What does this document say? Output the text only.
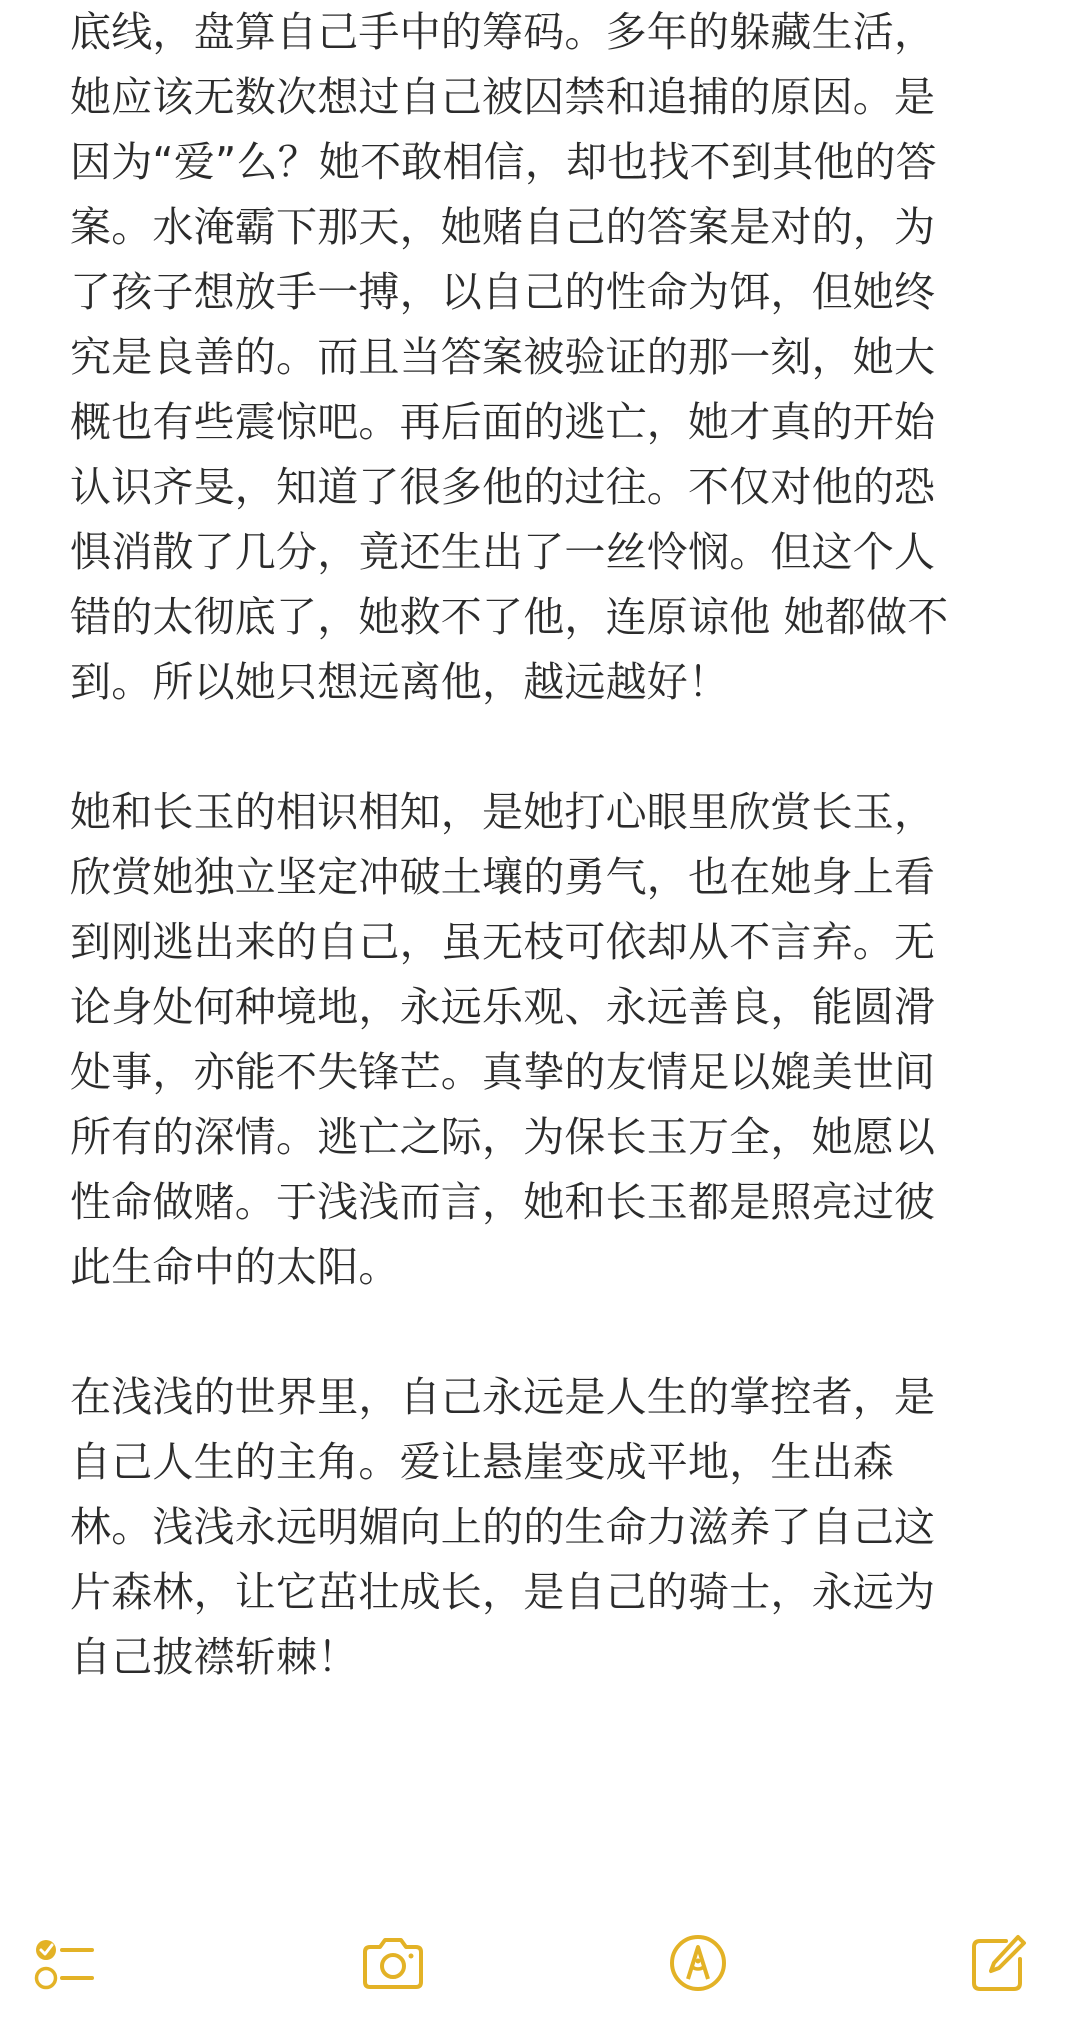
底线，盘算自己手中的筹码。多年的躲藏生活，
她应该无数次想过自己被囚禁和追捕的原因。是
因为“爱”么？她不敢相信，却也找不到其他的答
案。水淹霸下那天，她赌自己的答案是对的，为
了孩子想放手一搏，以自己的性命为饵，但她终
究是良善的。而且当答案被验证的那一刻，她大
概也有些震惊吧。再后面的逃亡，她才真的开始
认识齐旻，知道了很多他的过往。不仅对他的恐
惧消散了几分，竟还生出了一丝怜悯。但这个人
错的太彻底了，她救不了他，连原谅他 她都做不
到。所以她只想远离他，越远越好！
她和长玉的相识相知，是她打心眼里欣赏长玉，
欣赏她独立坚定冲破土壤的勇气，也在她身上看
到刚逃出来的自己，虽无枝可依却从不言弃。无
论身处何种境地，永远乐观、永远善良，能圆滑
处事，亦能不失锋芒。真挚的友情足以媲美世间
所有的深情。逃亡之际，为保长玉万全，她愿以
性命做赌。于浅浅而言，她和长玉都是照亮过彼
此生命中的太阳。
在浅浅的世界里，自己永远是人生的掌控者，是
自己人生的主角。爱让悬崖变成平地，生出森
林。浅浅永远明媚向上的的生命力滋养了自己这
片森林，让它茁壮成长，是自己的骑士，永远为
自己披襟斩棘！
